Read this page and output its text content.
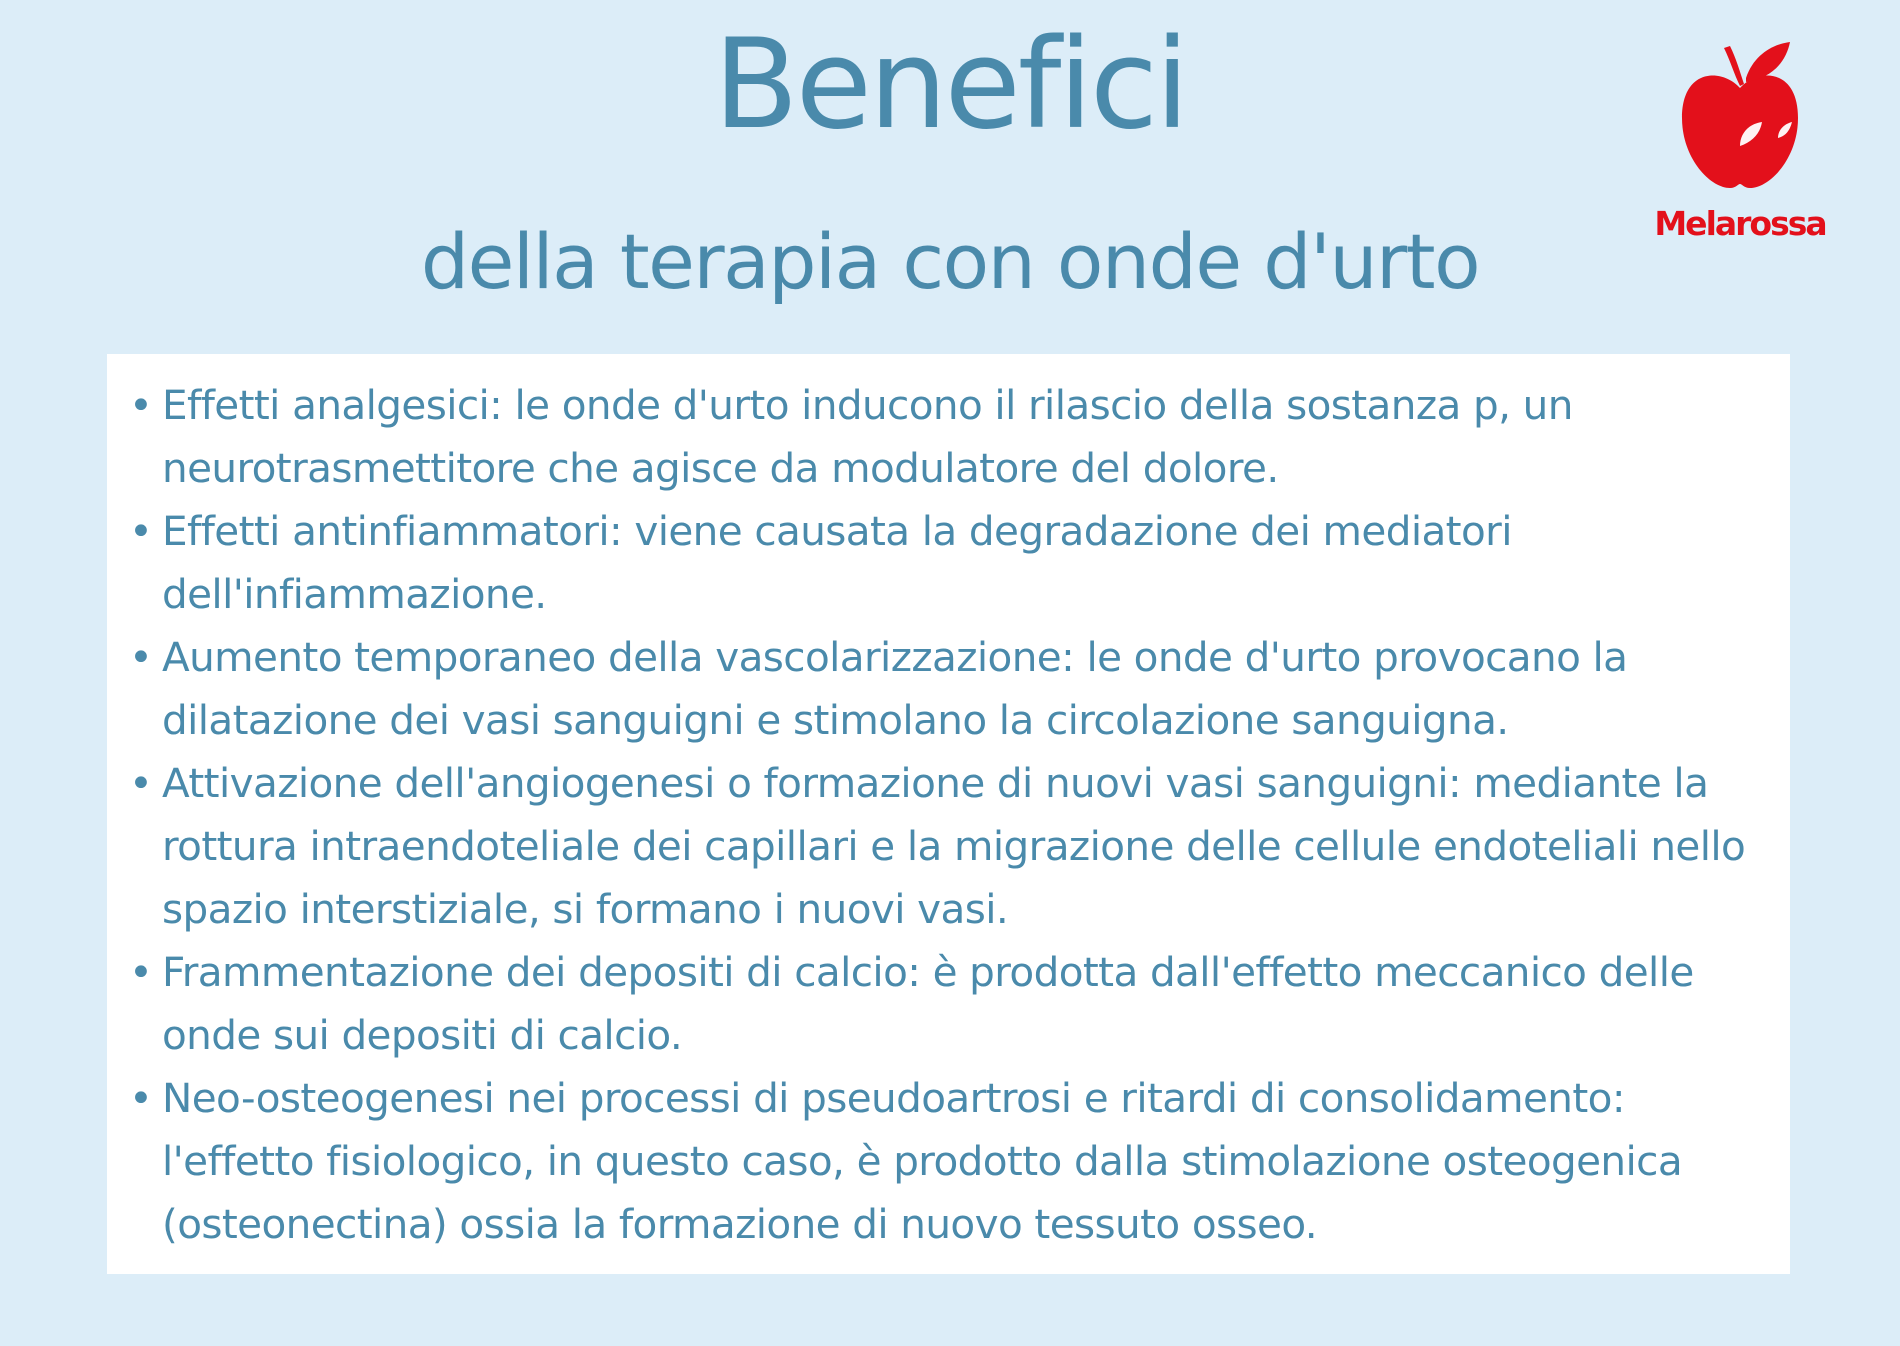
Benefici
della terapia con onde d'urto	Melarossa
• Effetti analgesici: le onde d'urto inducono il rilascio della sostanza p, un
neurotrasmettitore che agisce da modulatore del dolore.
• Effetti antinfiammatori: viene causata la degradazione dei mediatori
dell'infiammazione.
• Aumento temporaneo della vascolarizzazione: le onde d'urto provocano la
dilatazione dei vasi sanguigni e stimolano la circolazione sanguigna.
• Attivazione dell'angiogenesi o formazione di nuovi vasi sanguigni: mediante la
rottura intraendoteliale dei capillari e la migrazione delle cellule endoteliali nello
spazio interstiziale, si formano i nuovi vasi.
• Frammentazione dei depositi di calcio: è prodotta dall'effetto meccanico delle
onde sui depositi di calcio.
• Neo-osteogenesi nei processi di pseudoartrosi e ritardi di consolidamento:
l'effetto fisiologico, in questo caso, è prodotto dalla stimolazione osteogenica
(osteonectina) ossia la formazione di nuovo tessuto osseo.
